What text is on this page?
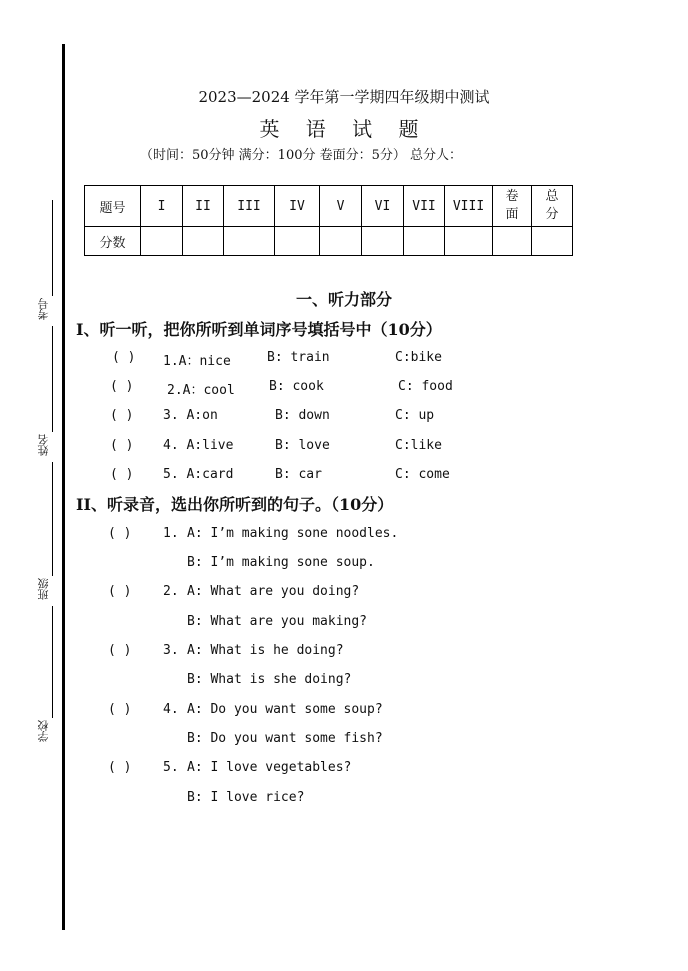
考号
姓名
班级
学校
2023—2024 学年第一学期四年级期中测试
英 语 试 题
（时间：50分钟 满分：100分 卷面分：5分） 总分人：
题号	I	II	III	IV	V	VI	VII	VIII	卷面	总分
分数										
一、听力部分
I、听一听，把你所听到单词序号填括号中（10分）
( ) 1.A：nice	B: train	C:bike
( )	2.A：cool	B: cook	C: food
( ) 3. A:on	B: down	C: up
( ) 4. A:live	B: love	C:like
( ) 5. A:card	B: car	C: come
II、听录音，选出你所听到的句子。（10分）
( ) 1. A: I’m making sone noodles.
B: I’m making sone soup.
( ) 2. A: What are you doing?
B: What are you making?
( ) 3. A: What is he doing?
B: What is she doing?
( ) 4. A: Do you want some soup?
B: Do you want some fish?
( ) 5. A: I love vegetables?
B: I love rice?
